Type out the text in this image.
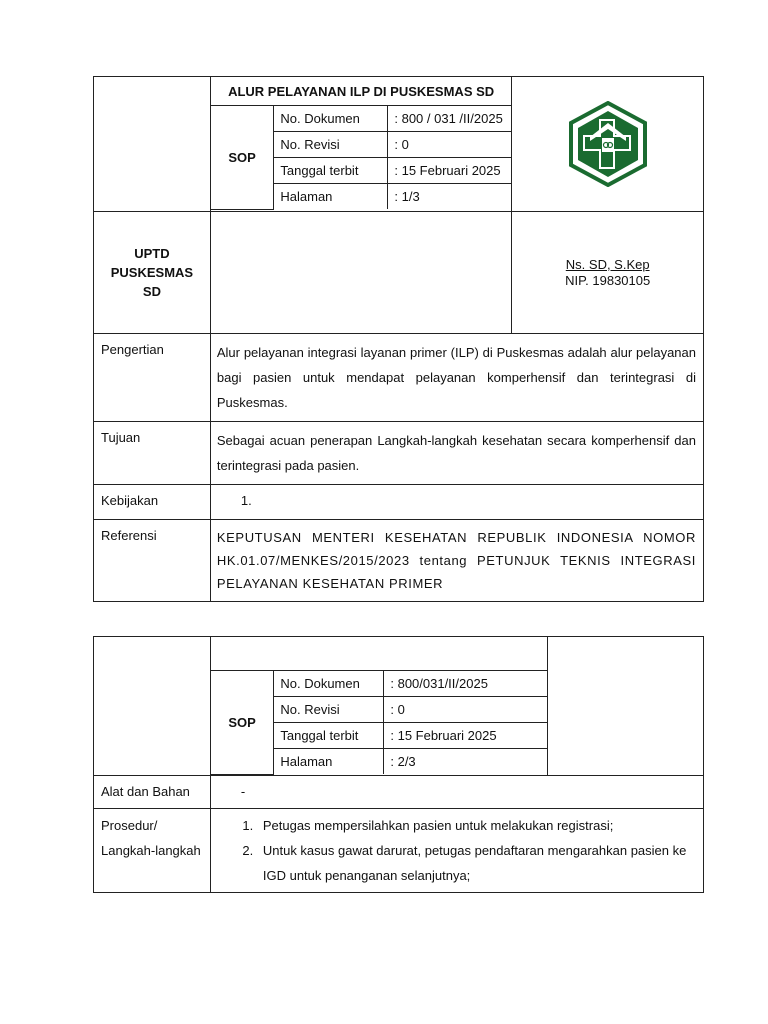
ALUR PELAYANAN ILP DI PUSKESMAS SD
SOP	No. Dokumen	: 800 / 031 /II/2025
No. Revisi	: 0
Tanggal terbit	: 15 Februari 2025
Halaman	: 1/3

UPTD
PUSKESMAS
SD

Ns. SD, S.Kep
NIP. 19830105

Pengertian	Alur pelayanan integrasi layanan primer (ILP) di Puskesmas adalah alur pelayanan bagi pasien untuk mendapat pelayanan komperhensif dan terintegrasi di Puskesmas.
Tujuan	Sebagai acuan penerapan Langkah-langkah kesehatan secara komperhensif dan terintegrasi pada pasien.
Kebijakan	1.
Referensi	KEPUTUSAN MENTERI KESEHATAN REPUBLIK INDONESIA NOMOR HK.01.07/MENKES/2015/2023 tentang PETUNJUK TEKNIS INTEGRASI PELAYANAN KESEHATAN PRIMER

SOP	No. Dokumen	: 800/031/II/2025
No. Revisi	: 0
Tanggal terbit	: 15 Februari 2025
Halaman	: 2/3

Alat dan Bahan	-

Prosedur/
Langkah-langkah

1. Petugas mempersilahkan pasien untuk melakukan registrasi;
2. Untuk kasus gawat darurat, petugas pendaftaran mengarahkan pasien ke IGD untuk penanganan selanjutnya;
